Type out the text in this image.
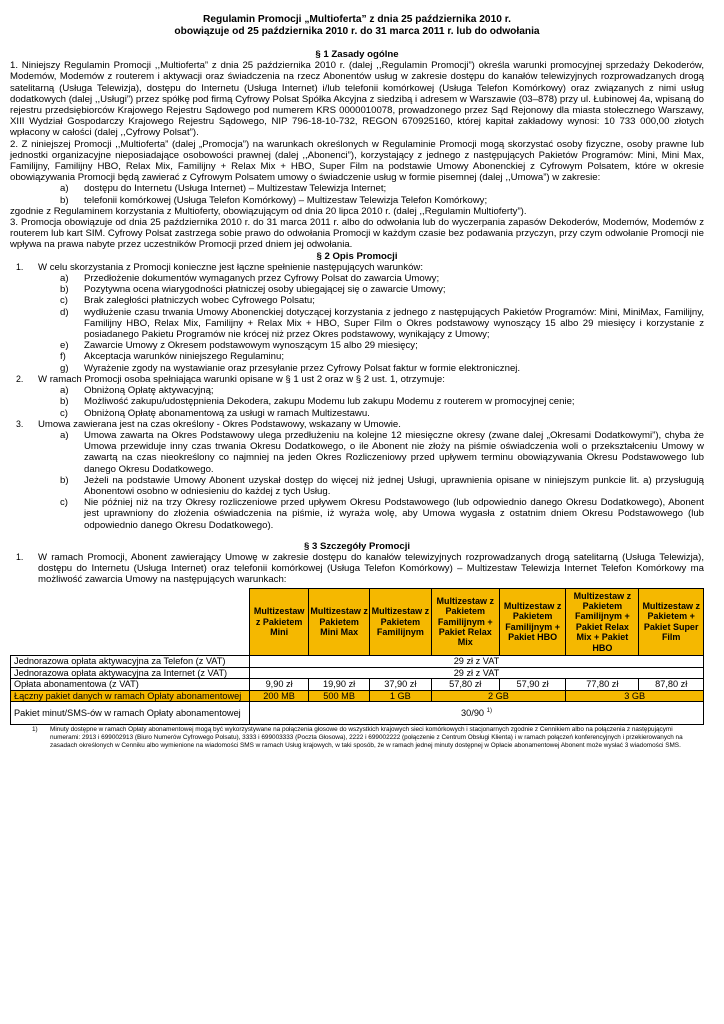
Regulamin Promocji „Multioferta” z dnia 25 października 2010 r.

obowiązuje od 25 października 2010 r. do 31 marca 2011 r. lub do odwołania

§ 1 Zasady ogólne

1. Niniejszy Regulamin Promocji ,,Multioferta” z dnia 25 października 2010 r. (dalej ,,Regulamin Promocji”) określa warunki promocyjnej sprzedaży Dekoderów, Modemów, Modemów z routerem i aktywacji oraz świadczenia na rzecz Abonentów usług w zakresie dostępu do kanałów telewizyjnych rozprowadzanych drogą satelitarną (Usługa Telewizja), dostępu do Internetu (Usługa Internet) i/lub telefonii komórkowej (Usługa Telefon Komórkowy) oraz związanych z nimi usług dodatkowych (dalej ,,Usługi”) przez spółkę pod firmą Cyfrowy Polsat Spółka Akcyjna z siedzibą i adresem w Warszawie (03–878) przy ul. Łubinowej 4a, wpisaną do rejestru przedsiębiorców Krajowego Rejestru Sądowego pod numerem KRS 0000010078, prowadzonego przez Sąd Rejonowy dla miasta stołecznego Warszawy, XIII Wydział Gospodarczy Krajowego Rejestru Sądowego, NIP 796-18-10-732, REGON 670925160, której kapitał zakładowy wynosi: 10 733 000,00 złotych wpłacony w całości (dalej ,,Cyfrowy Polsat”).

2. Z niniejszej Promocji ,,Multioferta” (dalej „Promocja”) na warunkach określonych w Regulaminie Promocji mogą skorzystać osoby fizyczne, osoby prawne lub jednostki organizacyjne nieposiadające osobowości prawnej (dalej ,,Abonenci”), korzystający z jednego z następujących Pakietów Programów: Mini, Mini Max, Familijny, Familijny HBO, Relax Mix, Familijny + Relax Mix + HBO, Super Film na podstawie Umowy Abonenckiej z Cyfrowym Polsatem, które w okresie obowiązywania Promocji będą zawierać z Cyfrowym Polsatem umowy o świadczenie usług w formie pisemnej (dalej ,,Umowa”) w zakresie:

a)	dostępu do Internetu (Usługa Internet) – Multizestaw Telewizja Internet;
b)	telefonii komórkowej (Usługa Telefon Komórkowy) – Multizestaw Telewizja Telefon Komórkowy;

zgodnie z Regulaminem korzystania z Multioferty, obowiązującym od dnia 20 lipca 2010 r. (dalej ,,Regulamin Multioferty”).

3. Promocja obowiązuje od dnia 25 października 2010 r. do 31 marca 2011 r. albo do odwołania lub do wyczerpania zapasów Dekoderów, Modemów, Modemów z routerem lub kart SIM. Cyfrowy Polsat zastrzega sobie prawo do odwołania Promocji w każdym czasie bez podawania przyczyn, przy czym odwołanie Promocji nie wpływa na prawa nabyte przez uczestników Promocji przed dniem jej odwołania.

§ 2 Opis Promocji
1.	W celu skorzystania z Promocji konieczne jest łączne spełnienie następujących warunków:
a)	Przedłożenie dokumentów wymaganych przez Cyfrowy Polsat do zawarcia Umowy;
b)	Pozytywna ocena wiarygodności płatniczej osoby ubiegającej się o zawarcie Umowy;
c)	Brak zaległości płatniczych wobec Cyfrowego Polsatu;
d)	wydłużenie czasu trwania Umowy Abonenckiej dotyczącej korzystania z jednego z następujących Pakietów Programów: Mini, MiniMax, Familijny, Familijny HBO, Relax Mix, Familijny + Relax Mix + HBO, Super Film o Okres podstawowy wynoszący 15 albo 29 miesięcy i korzystanie z posiadanego Pakietu Programów nie krócej niż przez Okres podstawowy, wynikający z Umowy;
e)	Zawarcie Umowy z Okresem podstawowym wynoszącym 15 albo 29 miesięcy;
f)	Akceptacja warunków niniejszego Regulaminu;
g)	Wyrażenie zgody na wystawianie oraz przesyłanie przez Cyfrowy Polsat faktur w formie elektronicznej.
2.	W ramach Promocji osoba spełniająca warunki opisane w § 1 ust 2 oraz w § 2 ust. 1, otrzymuje:
a)	Obniżoną Opłatę aktywacyjną;
b)	Możliwość zakupu/udostępnienia Dekodera, zakupu Modemu lub zakupu Modemu z routerem w promocyjnej cenie;
c)	Obniżoną Opłatę abonamentową za usługi w ramach Multizestawu.
3.	Umowa zawierana jest na czas określony - Okres Podstawowy, wskazany w Umowie.
a)	Umowa zawarta na Okres Podstawowy ulega przedłużeniu na kolejne 12 miesięczne okresy (zwane dalej „Okresami Dodatkowymi”), chyba że Umowa przewiduje inny czas trwania Okresu Dodatkowego, o ile Abonent nie złoży na piśmie oświadczenia woli o przekształceniu Umowy w zawartą na czas nieokreślony co najmniej na jeden Okres Rozliczeniowy przed upływem terminu obowiązywania Okresu Podstawowego lub danego Okresu Dodatkowego.
b)	Jeżeli na podstawie Umowy Abonent uzyskał dostęp do więcej niż jednej Usługi, uprawnienia opisane w niniejszym punkcie lit. a) przysługują Abonentowi osobno w odniesieniu do każdej z tych Usług.
c)	Nie później niż na trzy Okresy rozliczeniowe przed upływem Okresu Podstawowego (lub odpowiednio danego Okresu Dodatkowego), Abonent jest uprawniony do złożenia oświadczenia na piśmie, iż wyraża wolę, aby Umowa wygasła z ostatnim dniem Okresu Podstawowego (lub odpowiednio danego Okresu Dodatkowego).
§ 3 Szczegóły Promocji
1.	W ramach Promocji, Abonent zawierający Umowę w zakresie dostępu do kanałów telewizyjnych rozprowadzanych drogą satelitarną (Usługa Telewizja), dostępu do Internetu (Usługa Internet) oraz telefonii komórkowej (Usługa Telefon Komórkowy) – Multizestaw Telewizja Internet Telefon Komórkowy ma możliwość zawarcia Umowy na następujących warunkach:
	Multizestaw z Pakietem Mini	Multizestaw z Pakietem Mini Max	Multizestaw z Pakietem Familijnym	Multizestaw z Pakietem Familijnym + Pakiet Relax Mix	Multizestaw z Pakietem Familijnym + Pakiet HBO	Multizestaw z Pakietem Familijnym + Pakiet Relax Mix + Pakiet HBO	Multizestaw z Pakietem + Pakiet Super Film
Jednorazowa opłata aktywacyjna za Telefon (z VAT)	29 zł z VAT						
Jednorazowa opłata aktywacyjna za Internet (z VAT)	29 zł z VAT						
Opłata abonamentowa (z VAT)	9,90 zł	19,90 zł	37,90 zł	57,80 zł	57,90 zł	77,80 zł	87,80 zł
Łączny pakiet danych w ramach Opłaty abonamentowej	200 MB	500 MB	1 GB	2 GB		3 GB	
Pakiet minut/SMS-ów w ramach Opłaty abonamentowej	30/90 $^{1)}$
1)	Minuty dostępne w ramach Opłaty abonamentowej mogą być wykorzystywane na połączenia głosowe do wszystkich krajowych sieci komórkowych i stacjonarnych zgodnie z Cennikiem albo na połączenia z następującymi numerami: 2913 i 699002913 (Biuro Numerów Cyfrowego Polsatu), 3333 i 699003333 (Poczta Głosowa), 2222 i 699002222 (połączenie z Centrum Obsługi Klienta) i w ramach połączeń konferencyjnych i przekierowanych na zasadach określonych w Cenniku albo wymienione na wiadomości SMS w ramach Usług krajowych, w taki sposób, że w ramach jednej minuty dostępnej w Opłacie abonamentowej Abonent może wysłać 3 wiadomości SMS.
